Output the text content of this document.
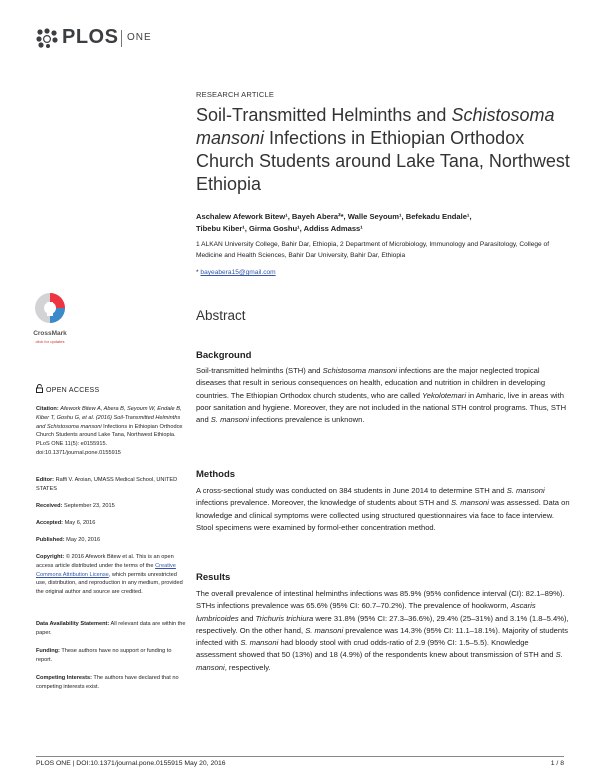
PLOS ONE
RESEARCH ARTICLE
Soil-Transmitted Helminths and Schistosoma mansoni Infections in Ethiopian Orthodox Church Students around Lake Tana, Northwest Ethiopia
Aschalew Afework Bitew¹, Bayeh Abera²*, Walle Seyoum¹, Befekadu Endale¹,
Tibebu Kiber¹, Girma Goshu¹, Addiss Admass¹
1 ALKAN University College, Bahir Dar, Ethiopia, 2 Department of Microbiology, Immunology and Parasitology, College of Medicine and Health Sciences, Bahir Dar University, Bahir Dar, Ethiopia
* bayeabera15@gmail.com
CrossMark
click for updates
Abstract
OPEN ACCESS
Citation: Afework Bitew A, Abera B, Seyoum W, Endale B, Kiber T, Goshu G, et al. (2016) Soil-Transmitted Helminths and Schistosoma mansoni Infections in Ethiopian Orthodox Church Students around Lake Tana, Northwest Ethiopia. PLoS ONE 11(5): e0155915. doi:10.1371/journal.pone.0155915
Editor: Raffi V. Aroian, UMASS Medical School, UNITED STATES
Received: September 23, 2015
Accepted: May 6, 2016
Published: May 20, 2016
Copyright: © 2016 Afework Bitew et al. This is an open access article distributed under the terms of the Creative Commons Attribution License, which permits unrestricted use, distribution, and reproduction in any medium, provided the original author and source are credited.
Data Availability Statement: All relevant data are within the paper.
Funding: These authors have no support or funding to report.
Competing Interests: The authors have declared that no competing interests exist.
Background
Soil-transmitted helminths (STH) and Schistosoma mansoni infections are the major neglected tropical diseases that result in serious consequences on health, education and nutrition in children in developing countries. The Ethiopian Orthodox church students, who are called Yekolotemari in Amharic, live in areas with poor sanitation and hygiene. Moreover, they are not included in the national STH control programs. Thus, STH and S. mansoni infections prevalence is unknown.
Methods
A cross-sectional study was conducted on 384 students in June 2014 to determine STH and S. mansoni infections prevalence. Moreover, the knowledge of students about STH and S. mansoni was assessed. Data on knowledge and clinical symptoms were collected using structured questionnaires via face to face interview. Stool specimens were examined by formol-ether concentration method.
Results
The overall prevalence of intestinal helminths infections was 85.9% (95% confidence interval (CI): 82.1–89%). STHs infections prevalence was 65.6% (95% CI: 60.7–70.2%). The prevalence of hookworm, Ascaris lumbricoides and Trichuris trichiura were 31.8% (95% CI: 27.3–36.6%), 29.4% (25–31%) and 3.1% (1.8–5.4%), respectively. On the other hand, S. mansoni prevalence was 14.3% (95% CI: 11.1–18.1%). Majority of students infected with S. mansoni had bloody stool with crud odds-ratio of 2.9 (95% CI: 1.5–5.5). Knowledge assessment showed that 50 (13%) and 18 (4.9%) of the respondents knew about transmission of STH and S. mansoni, respectively.
PLOS ONE | DOI:10.1371/journal.pone.0155915 May 20, 2016	1 / 8
